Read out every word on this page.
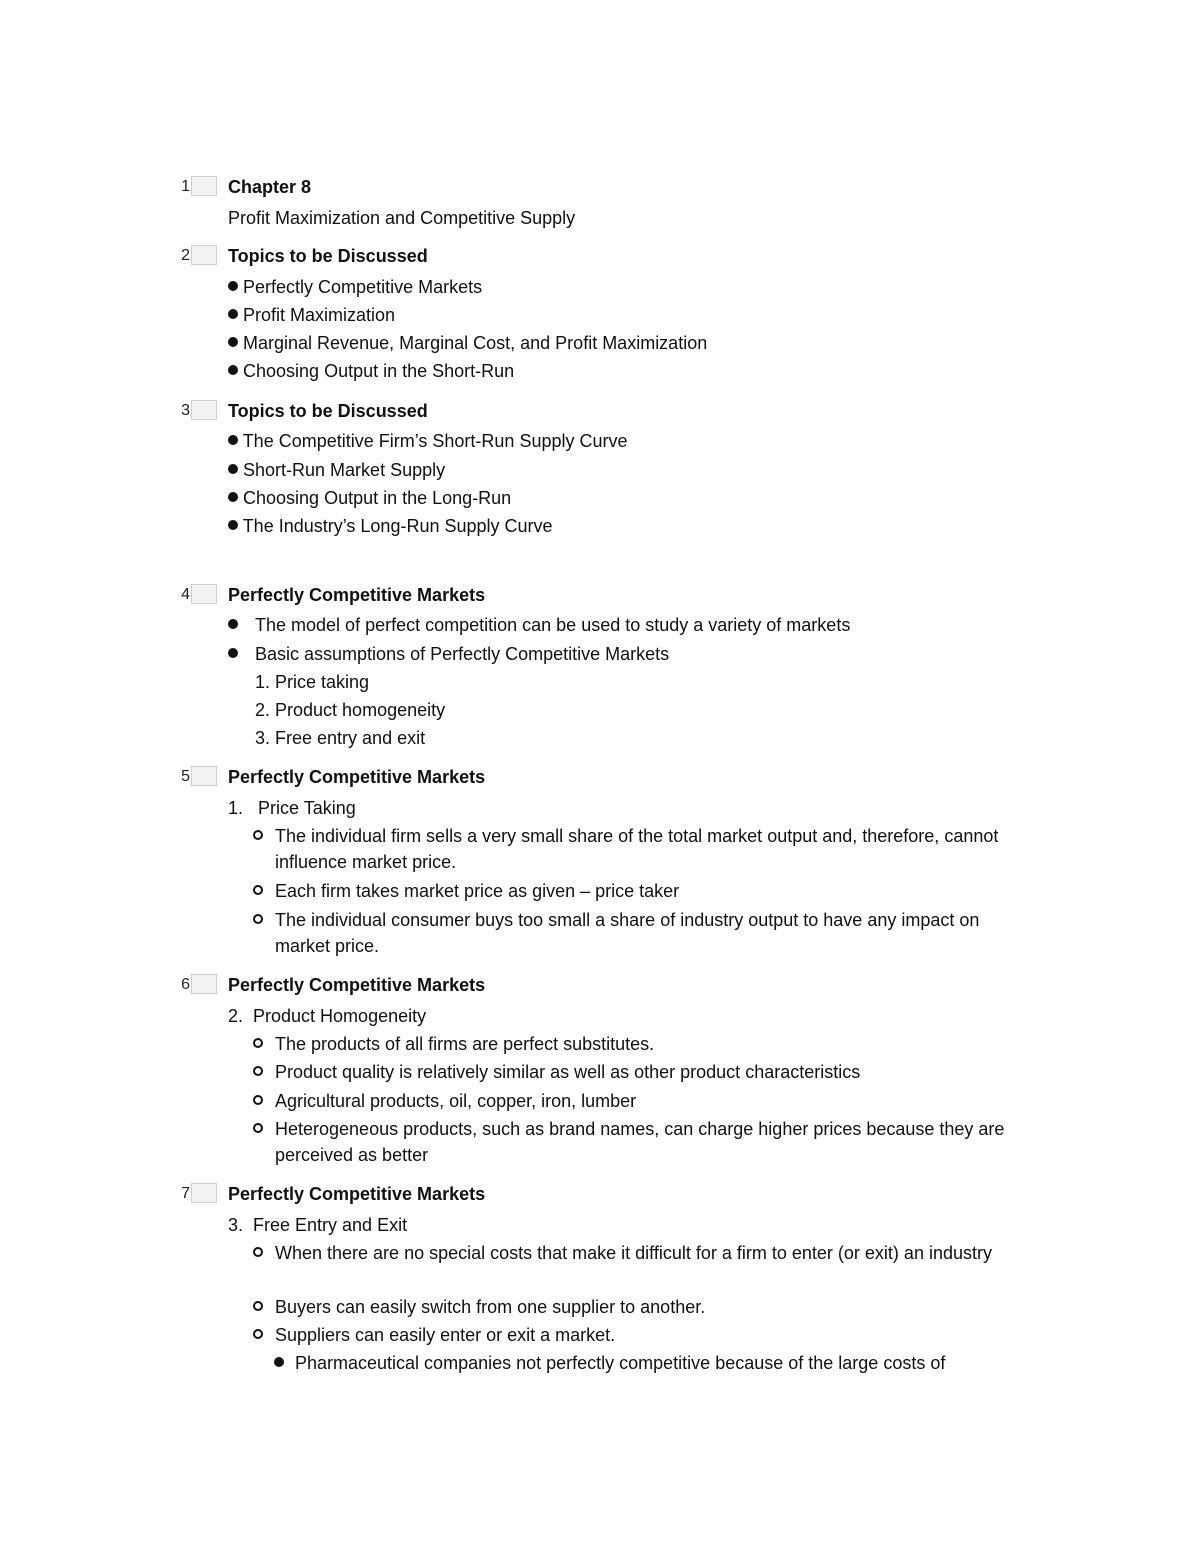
1 Chapter 8
Profit Maximization and Competitive Supply
2 Topics to be Discussed
Perfectly Competitive Markets
Profit Maximization
Marginal Revenue, Marginal Cost, and Profit Maximization
Choosing Output in the Short-Run
3 Topics to be Discussed
The Competitive Firm’s Short-Run Supply Curve
Short-Run Market Supply
Choosing Output in the Long-Run
The Industry’s Long-Run Supply Curve
4 Perfectly Competitive Markets
The model of perfect competition can be used to study a variety of markets
Basic assumptions of Perfectly Competitive Markets
1. Price taking
2. Product homogeneity
3. Free entry and exit
5 Perfectly Competitive Markets
1.   Price Taking
The individual firm sells a very small share of the total market output and, therefore, cannot influence market price.
Each firm takes market price as given – price taker
The individual consumer buys too small a share of industry output to have any impact on market price.
6 Perfectly Competitive Markets
2.  Product Homogeneity
The products of all firms are perfect substitutes.
Product quality is relatively similar as well as other product characteristics
Agricultural products, oil, copper, iron, lumber
Heterogeneous products, such as brand names, can charge higher prices because they are perceived as better
7 Perfectly Competitive Markets
3.  Free Entry and Exit
When there are no special costs that make it difficult for a firm to enter (or exit) an industry
Buyers can easily switch from one supplier to another.
Suppliers can easily enter or exit a market.
Pharmaceutical companies not perfectly competitive because of the large costs of
